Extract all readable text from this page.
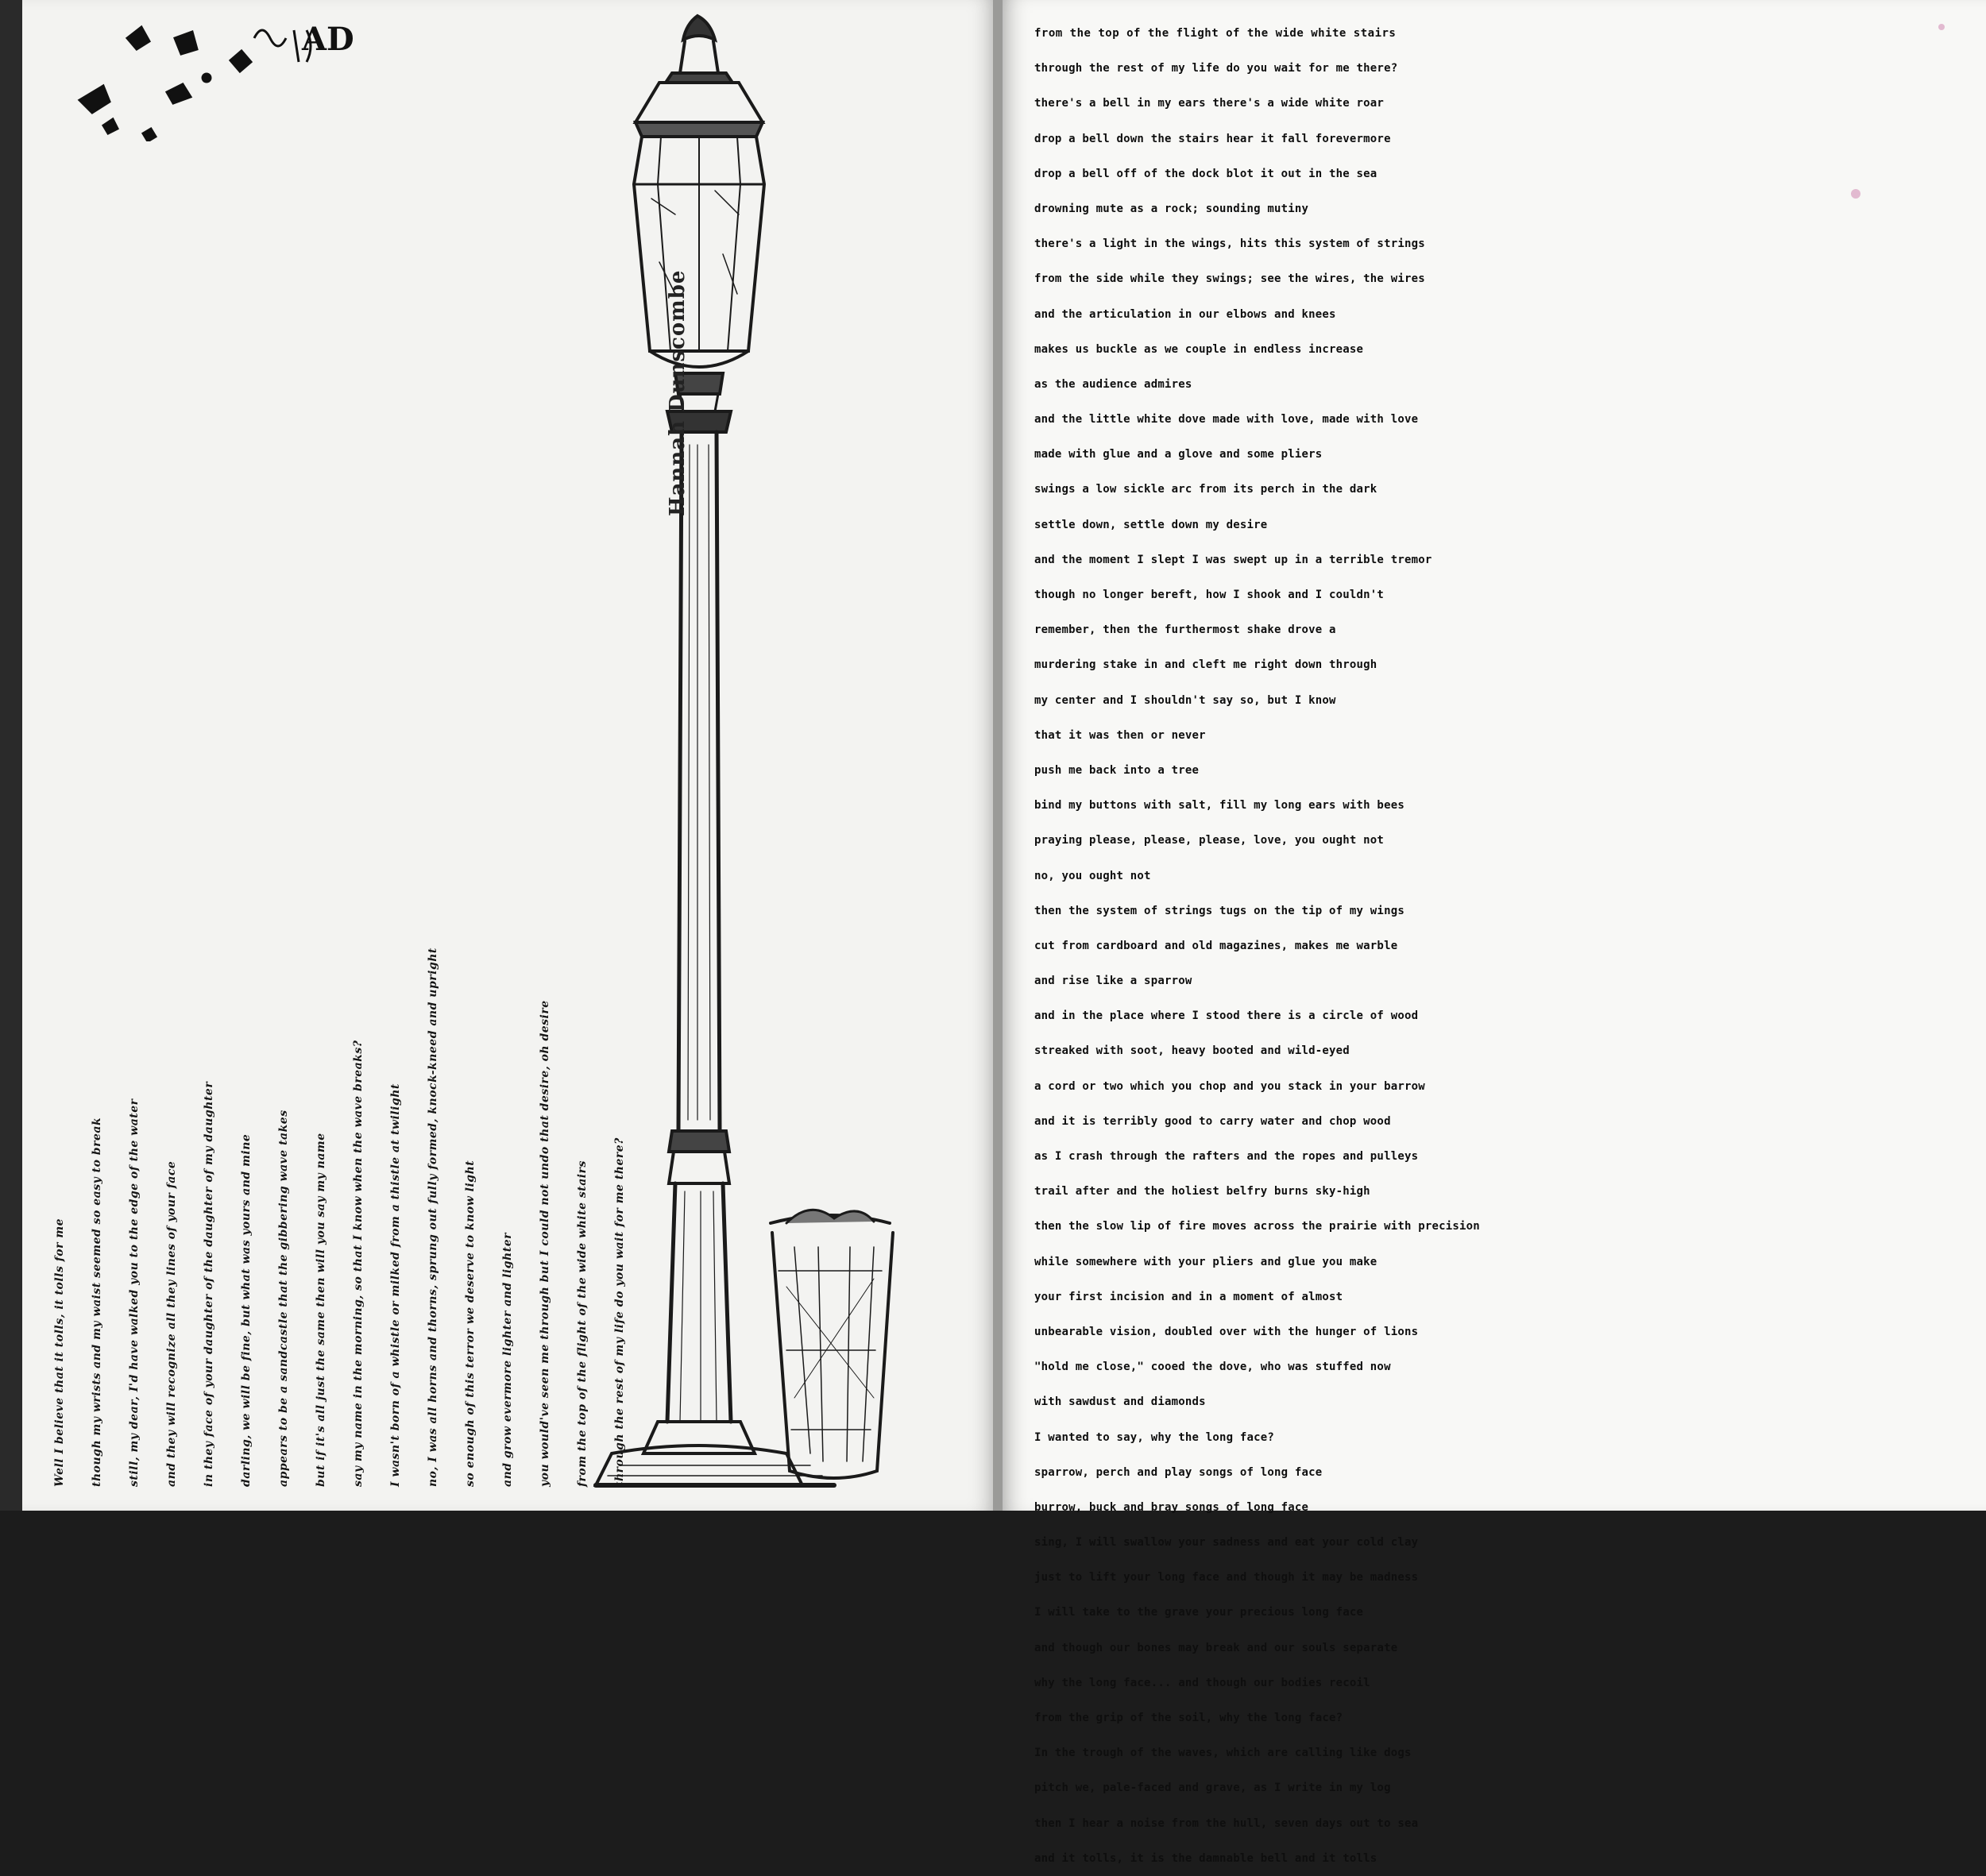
AD
Well I believe that it tolls, it tolls for me	though my wrists and my waist seemed so easy to break	still, my dear, I'd have walked you to the edge of the water	and they will recognize all they lines of your face	in they face of your daughter of the daughter of my daughter	darling, we will be fine, but what was yours and mine	appears to be a sandcastle that the gibbering wave takes	but if it's all just the same then will you say my name	say my name in the morning, so that I know when the wave breaks?	I wasn't born of a whistle or milked from a thistle at twilight	no, I was all horns and thorns, sprung out fully formed, knock-kneed and upright	so enough of this terror we deserve to know light	and grow evermore lighter and lighter	you would've seen me through but I could not undo that desire, oh desire	from the top of the flight of the wide white stairs	through the rest of my life do you wait for me there?
Hannah Dunscombe
from the top of the flight of the wide white stairs
through the rest of my life do you wait for me there?
there's a bell in my ears there's a wide white roar
drop a bell down the stairs hear it fall forevermore
drop a bell off of the dock blot it out in the sea
drowning mute as a rock; sounding mutiny
there's a light in the wings, hits this system of strings
from the side while they swings; see the wires, the wires
and the articulation in our elbows and knees
makes us buckle as we couple in endless increase
as the audience admires
and the little white dove made with love, made with love
made with glue and a glove and some pliers
swings a low sickle arc from its perch in the dark
settle down, settle down my desire
and the moment I slept I was swept up in a terrible tremor
though no longer bereft, how I shook and I couldn't
remember, then the furthermost shake drove a
murdering stake in and cleft me right down through
my center and I shouldn't say so, but I know
that it was then or never
push me back into a tree
bind my buttons with salt, fill my long ears with bees
praying please, please, please, love, you ought not
no, you ought not
then the system of strings tugs on the tip of my wings
cut from cardboard and old magazines, makes me warble
and rise like a sparrow
and in the place where I stood there is a circle of wood
streaked with soot, heavy booted and wild-eyed
a cord or two which you chop and you stack in your barrow
and it is terribly good to carry water and chop wood
as I crash through the rafters and the ropes and pulleys
trail after and the holiest belfry burns sky-high
then the slow lip of fire moves across the prairie with precision
while somewhere with your pliers and glue you make
your first incision and in a moment of almost
unbearable vision, doubled over with the hunger of lions
"hold me close," cooed the dove, who was stuffed now
with sawdust and diamonds
I wanted to say, why the long face?
sparrow, perch and play songs of long face
burrow, buck and bray songs of long face
sing, I will swallow your sadness and eat your cold clay
just to lift your long face and though it may be madness
I will take to the grave your precious long face
and though our bones may break and our souls separate
why the long face... and though our bodies recoil
from the grip of the soil, why the long face?
In the trough of the waves, which are calling like dogs
pitch we, pale-faced and grave, as I write in my log
then I hear a noise from the hull, seven days out to sea
and it tolls, it is the damnable bell and it tolls
